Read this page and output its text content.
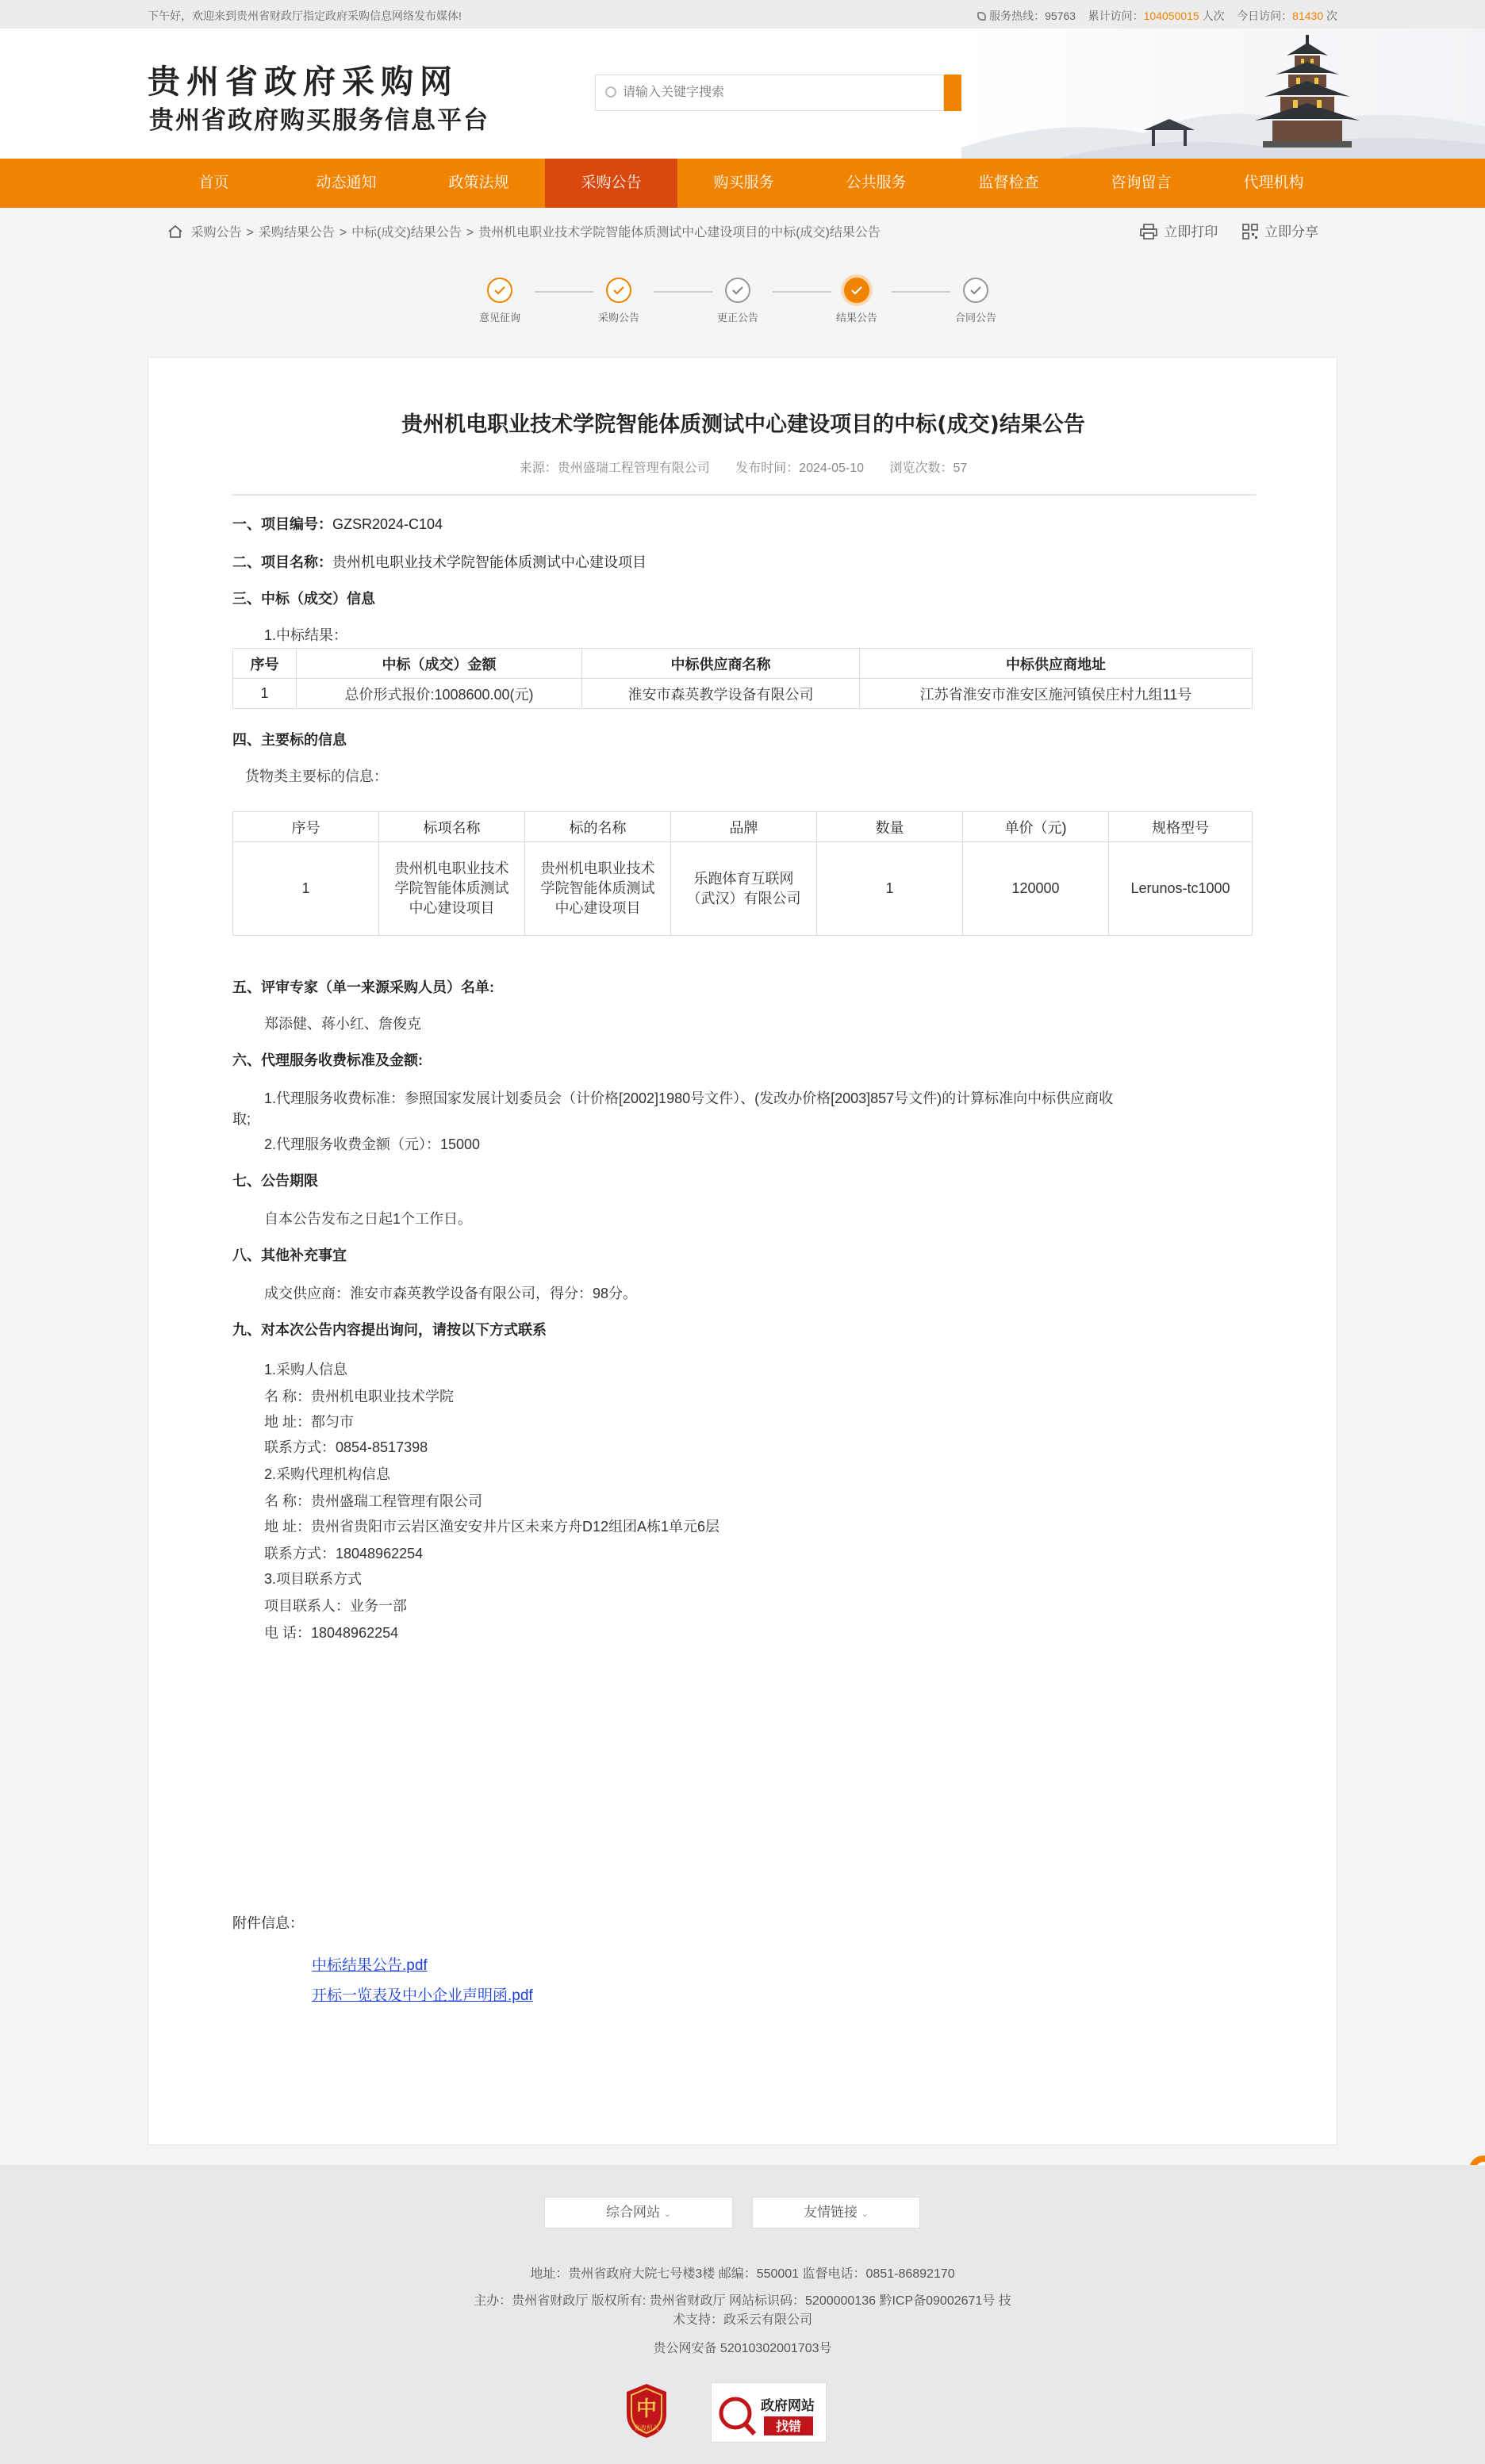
下午好，欢迎来到贵州省财政厅指定政府采购信息网络发布媒体!	服务热线：95763 累计访问：104050015 人次 今日访问：81430 次
贵州省政府采购网
贵州省政府购买服务信息平台
请输入关键字搜索
首页	动态通知	政策法规	采购公告	购买服务	公共服务	监督检查	咨询留言	代理机构
采购公告 > 采购结果公告 > 中标(成交)结果公告 > 贵州机电职业技术学院智能体质测试中心建设项目的中标(成交)结果公告	立即打印	立即分享
意见征询	采购公告	更正公告	结果公告	合同公告
贵州机电职业技术学院智能体质测试中心建设项目的中标(成交)结果公告
来源：贵州盛瑞工程管理有限公司 发布时间：2024-05-10 浏览次数：57
一、项目编号：GZSR2024-C104
二、项目名称：贵州机电职业技术学院智能体质测试中心建设项目
三、中标（成交）信息
1.中标结果：
序号	中标（成交）金额	中标供应商名称	中标供应商地址
1	总价形式报价:1008600.00(元)	淮安市森英教学设备有限公司	江苏省淮安市淮安区施河镇侯庄村九组11号
四、主要标的信息
货物类主要标的信息：
序号	标项名称	标的名称	品牌	数量	单价（元)	规格型号
1	贵州机电职业技术学院智能体质测试中心建设项目	贵州机电职业技术学院智能体质测试中心建设项目	乐跑体育互联网（武汉）有限公司	1	120000	Lerunos-tc1000
五、评审专家（单一来源采购人员）名单:
郑添健、蒋小红、詹俊克
六、代理服务收费标准及金额:
1.代理服务收费标准：参照国家发展计划委员会（计价格[2002]1980号文件）、(发改办价格[2003]857号文件)的计算标准向中标供应商收
取;
2.代理服务收费金额（元）：15000
七、公告期限
自本公告发布之日起1个工作日。
八、其他补充事宜
成交供应商：淮安市森英教学设备有限公司，得分：98分。
九、对本次公告内容提出询问，请按以下方式联系
1.采购人信息
名 称：贵州机电职业技术学院
地 址：都匀市
联系方式：0854-8517398
2.采购代理机构信息
名 称：贵州盛瑞工程管理有限公司
地 址：贵州省贵阳市云岩区渔安安井片区未来方舟D12组团A栋1单元6层
联系方式：18048962254
3.项目联系方式
项目联系人：业务一部
电 话：18048962254
附件信息：
中标结果公告.pdf
开标一览表及中小企业声明函.pdf
综合网站 ⌄	友情链接 ⌄
地址：贵州省政府大院七号楼3楼 邮编：550001 监督电话：0851-86892170
主办：贵州省财政厅 版权所有: 贵州省财政厅 网站标识码：5200000136 黔ICP备09002671号 技
术支持：政采云有限公司
贵公网安备 52010302001703号
中
党政机关
政府网站
找错
